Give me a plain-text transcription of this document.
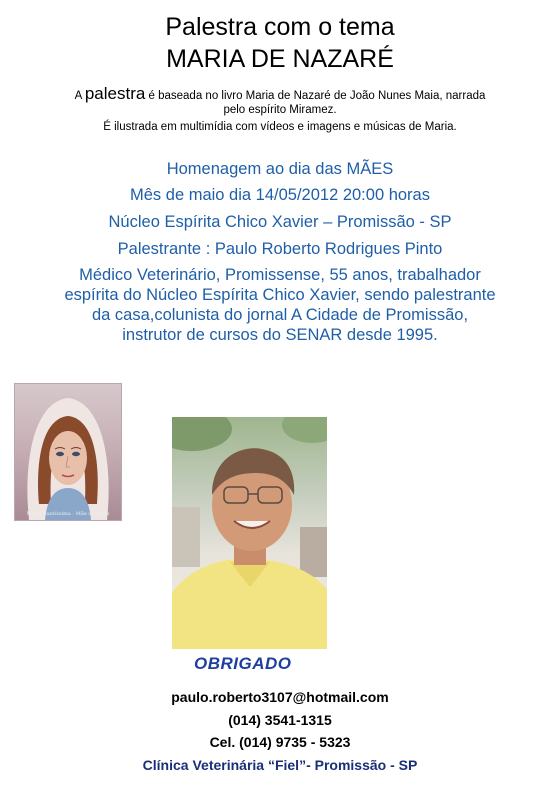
Palestra com o tema
MARIA DE NAZARÉ
A palestra é baseada no livro Maria de Nazaré de João Nunes Maia, narrada
pelo espírito Miramez.
É ilustrada em multimídia com vídeos e imagens e músicas de Maria.
Homenagem ao dia das MÃES
Mês de maio dia 14/05/2012 20:00 horas
Núcleo Espírita Chico Xavier – Promissão - SP
Palestrante : Paulo Roberto Rodrigues Pinto
Médico Veterinário, Promissense, 55 anos, trabalhador espírita do Núcleo Espírita Chico Xavier, sendo palestrante da casa,colunista do jornal A Cidade de Promissão, instrutor de cursos do SENAR desde 1995.
Maria Santíssima - Mãe de Jesus
OBRIGADO
paulo.roberto3107@hotmail.com
(014) 3541-1315
Cel. (014) 9735 - 5323
Clínica Veterinária “Fiel”- Promissão - SP
